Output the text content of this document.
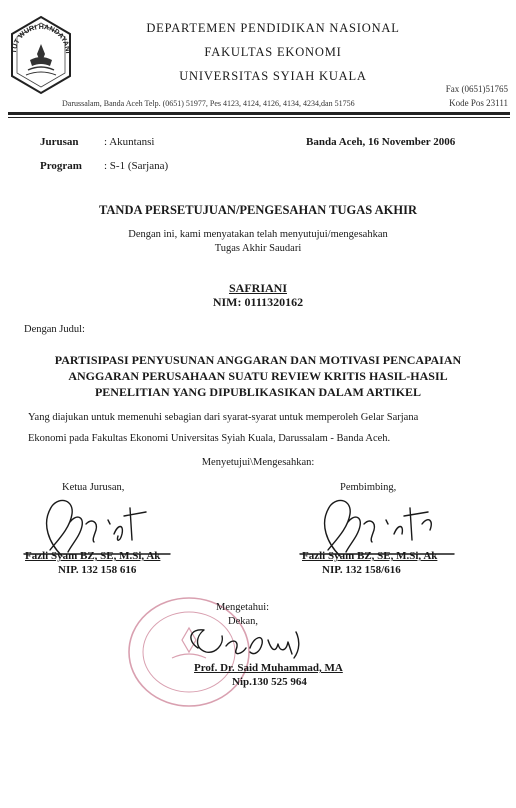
TUT WURI HANDAYANI
DEPARTEMEN PENDIDIKAN NASIONAL
FAKULTAS EKONOMI
UNIVERSITAS SYIAH KUALA
Fax (0651)51765
Darussalam, Banda Aceh Telp. (0651) 51977, Pes 4123, 4124, 4126, 4134, 4234,dan 51756	Kode Pos 23111
Jurusan : Akuntansi	Banda Aceh, 16 November 2006
Program : S-1 (Sarjana)
TANDA PERSETUJUAN/PENGESAHAN TUGAS AKHIR
Dengan ini, kami menyatakan telah menyutujui/mengesahkan
Tugas Akhir Saudari
SAFRIANI
NIM: 0111320162
Dengan Judul:
PARTISIPASI PENYUSUNAN ANGGARAN DAN MOTIVASI PENCAPAIAN
ANGGARAN PERUSAHAAN SUATU REVIEW KRITIS HASIL-HASIL
PENELITIAN YANG DIPUBLIKASIKAN DALAM ARTIKEL
Yang diajukan untuk memenuhi sebagian dari syarat-syarat untuk memperoleh Gelar Sarjana
Ekonomi pada Fakultas Ekonomi Universitas Syiah Kuala, Darussalam - Banda Aceh.
Menyetujui\Mengesahkan:
Ketua Jurusan,
Fazli Syam BZ, SE, M.Si, Ak
NIP. 132 158 616
Pembimbing,
Fazli Syam BZ, SE, M.Si, Ak
NIP. 132 158/616
Mengetahui:
Dekan,
Prof. Dr. Said Muhammad, MA
Nip.130 525 964
